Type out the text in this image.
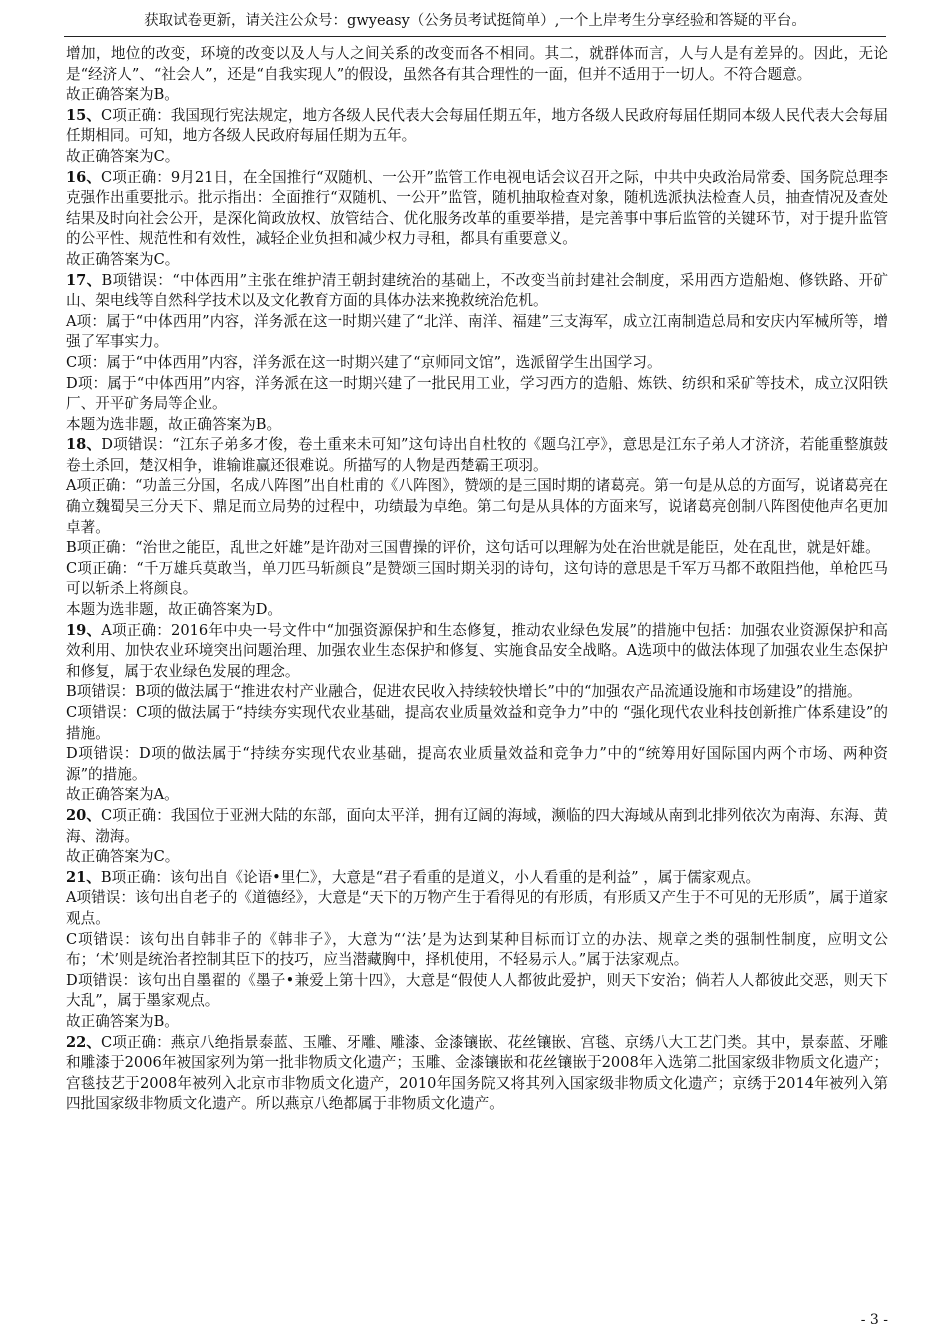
获取试卷更新，请关注公众号：gwyeasy（公务员考试挺简单）,一个上岸考生分享经验和答疑的平台。

增加，地位的改变，环境的改变以及人与人之间关系的改变而各不相同。其二，就群体而言，人与人是有差异的。因此，无论是“经济人”、“社会人”，还是“自我实现人”的假设，虽然各有其合理性的一面，但并不适用于一切人。不符合题意。

故正确答案为B。

15、C项正确：我国现行宪法规定，地方各级人民代表大会每届任期五年，地方各级人民政府每届任期同本级人民代表大会每届任期相同。可知，地方各级人民政府每届任期为五年。

故正确答案为C。

16、C项正确：9月21日，在全国推行“双随机、一公开”监管工作电视电话会议召开之际，中共中央政治局常委、国务院总理李克强作出重要批示。批示指出：全面推行“双随机、一公开”监管，随机抽取检查对象，随机选派执法检查人员，抽查情况及查处结果及时向社会公开，是深化简政放权、放管结合、优化服务改革的重要举措，是完善事中事后监管的关键环节，对于提升监管的公平性、规范性和有效性，减轻企业负担和减少权力寻租，都具有重要意义。

故正确答案为C。

17、B项错误：“中体西用”主张在维护清王朝封建统治的基础上，不改变当前封建社会制度，采用西方造船炮、修铁路、开矿山、架电线等自然科学技术以及文化教育方面的具体办法来挽救统治危机。

A项：属于“中体西用”内容，洋务派在这一时期兴建了“北洋、南洋、福建”三支海军，成立江南制造总局和安庆内军械所等，增强了军事实力。

C项：属于“中体西用”内容，洋务派在这一时期兴建了“京师同文馆”，选派留学生出国学习。

D项：属于“中体西用”内容，洋务派在这一时期兴建了一批民用工业，学习西方的造船、炼铁、纺织和采矿等技术，成立汉阳铁厂、开平矿务局等企业。

本题为选非题，故正确答案为B。

18、D项错误：“江东子弟多才俊，卷土重来未可知”这句诗出自杜牧的《题乌江亭》，意思是江东子弟人才济济，若能重整旗鼓卷土杀回，楚汉相争，谁输谁赢还很难说。所描写的人物是西楚霸王项羽。

A项正确：“功盖三分国，名成八阵图”出自杜甫的《八阵图》，赞颂的是三国时期的诸葛亮。第一句是从总的方面写，说诸葛亮在确立魏蜀吴三分天下、鼎足而立局势的过程中，功绩最为卓绝。第二句是从具体的方面来写，说诸葛亮创制八阵图使他声名更加卓著。

B项正确：“治世之能臣，乱世之奸雄”是许劭对三国曹操的评价，这句话可以理解为处在治世就是能臣，处在乱世，就是奸雄。

C项正确：“千万雄兵莫敢当，单刀匹马斩颜良”是赞颂三国时期关羽的诗句，这句诗的意思是千军万马都不敢阻挡他，单枪匹马可以斩杀上将颜良。

本题为选非题，故正确答案为D。

19、A项正确：2016年中央一号文件中“加强资源保护和生态修复，推动农业绿色发展”的措施中包括：加强农业资源保护和高效利用、加快农业环境突出问题治理、加强农业生态保护和修复、实施食品安全战略。A选项中的做法体现了加强农业生态保护和修复，属于农业绿色发展的理念。

B项错误：B项的做法属于“推进农村产业融合，促进农民收入持续较快增长”中的“加强农产品流通设施和市场建设”的措施。

C项错误：C项的做法属于“持续夯实现代农业基础，提高农业质量效益和竞争力”中的 “强化现代农业科技创新推广体系建设”的措施。

D项错误：D项的做法属于“持续夯实现代农业基础，提高农业质量效益和竞争力”中的“统筹用好国际国内两个市场、两种资源”的措施。

故正确答案为A。

20、C项正确：我国位于亚洲大陆的东部，面向太平洋，拥有辽阔的海域，濒临的四大海域从南到北排列依次为南海、东海、黄海、渤海。

故正确答案为C。

21、B项正确：该句出自《论语•里仁》，大意是“君子看重的是道义，小人看重的是利益” ，属于儒家观点。

A项错误：该句出自老子的《道德经》，大意是“天下的万物产生于看得见的有形质，有形质又产生于不可见的无形质”，属于道家观点。

C项错误：该句出自韩非子的《韩非子》，大意为“‘法’是为达到某种目标而订立的办法、规章之类的强制性制度，应明文公布；‘术’则是统治者控制其臣下的技巧，应当潜藏胸中，择机使用，不轻易示人。”属于法家观点。

D项错误：该句出自墨翟的《墨子•兼爱上第十四》，大意是“假使人人都彼此爱护，则天下安治；倘若人人都彼此交恶，则天下大乱”，属于墨家观点。

故正确答案为B。

22、C项正确：燕京八绝指景泰蓝、玉雕、牙雕、雕漆、金漆镶嵌、花丝镶嵌、宫毯、京绣八大工艺门类。其中，景泰蓝、牙雕和雕漆于2006年被国家列为第一批非物质文化遗产；玉雕、金漆镶嵌和花丝镶嵌于2008年入选第二批国家级非物质文化遗产；宫毯技艺于2008年被列入北京市非物质文化遗产，2010年国务院又将其列入国家级非物质文化遗产；京绣于2014年被列入第四批国家级非物质文化遗产。所以燕京八绝都属于非物质文化遗产。

- 3 -
